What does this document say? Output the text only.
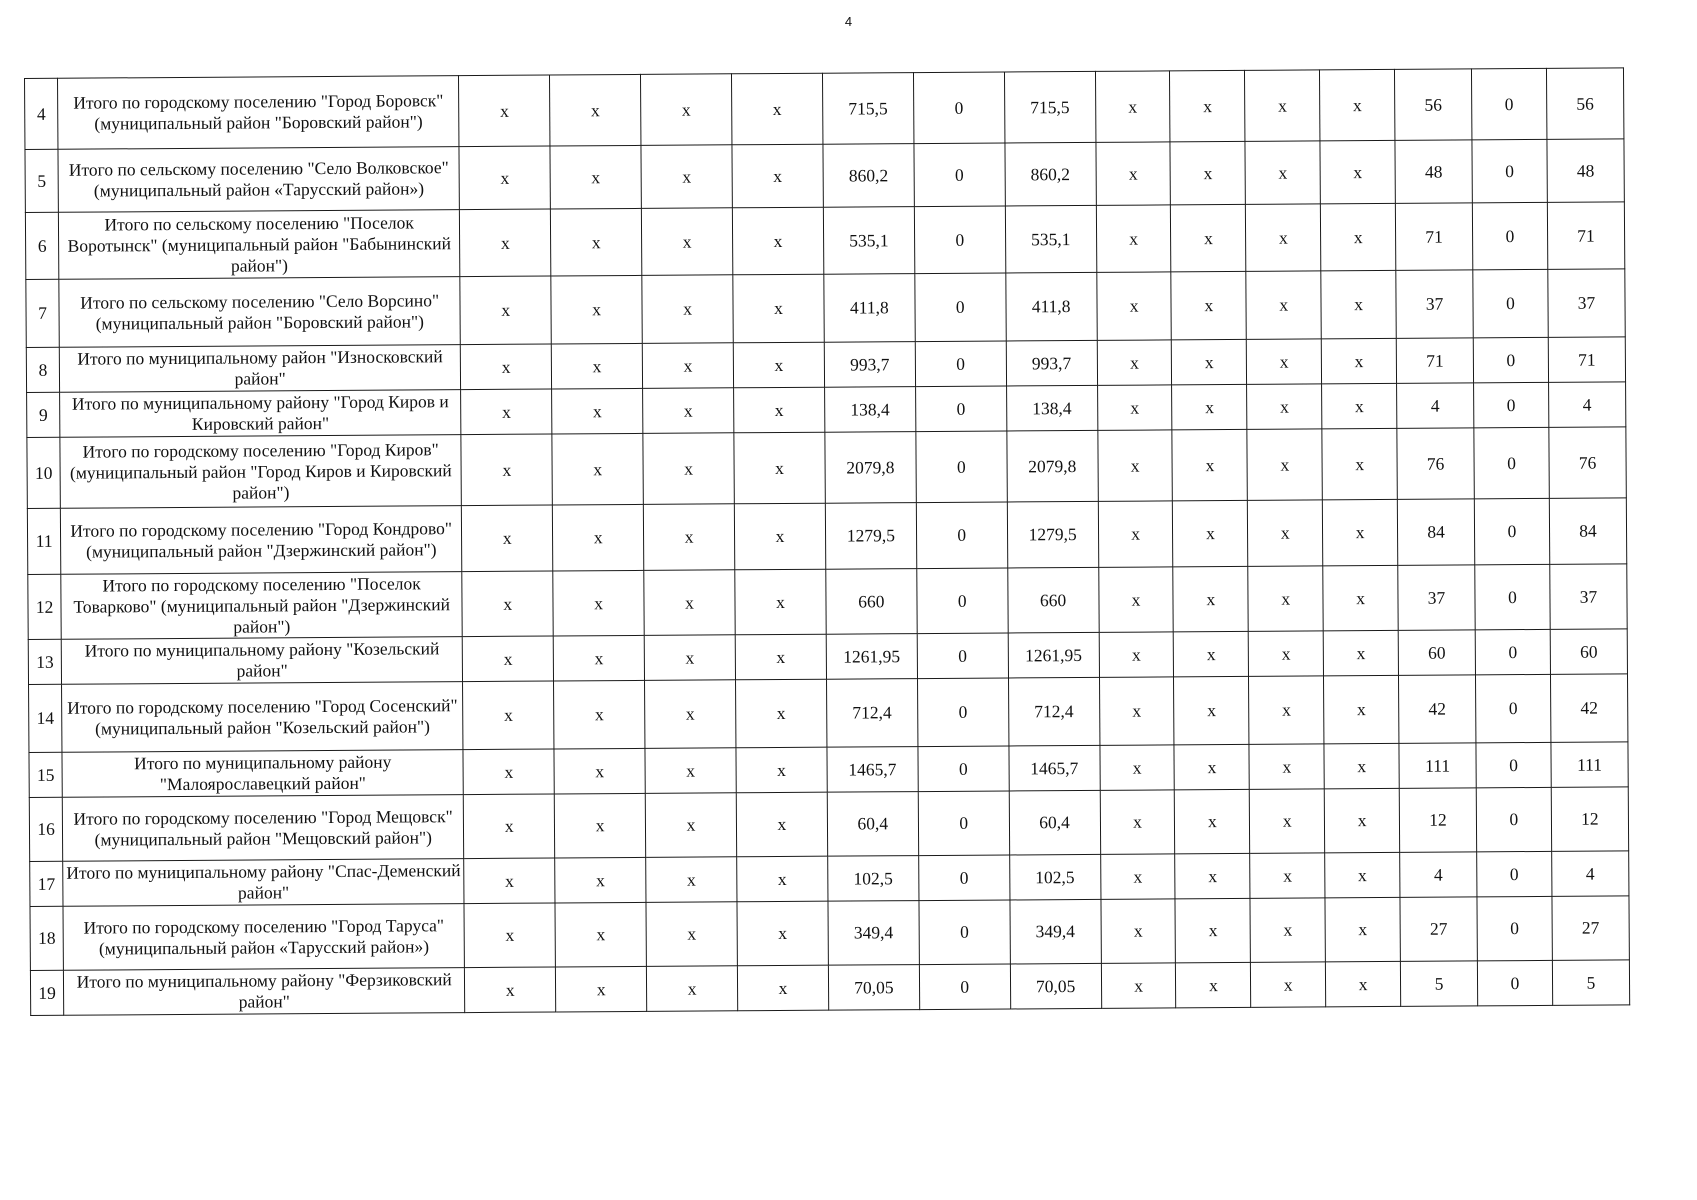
4
4	Итого по городскому поселению "Город Боровск" (муниципальный район "Боровский район")	x	x	x	x	715,5	0	715,5	x	x	x	x	56	0	56
5	Итого по сельскому поселению "Село Волковское" (муниципальный район «Тарусский район»)	x	x	x	x	860,2	0	860,2	x	x	x	x	48	0	48
6	Итого по сельскому поселению "Поселок Воротынск" (муниципальный район "Бабынинский район")	x	x	x	x	535,1	0	535,1	x	x	x	x	71	0	71
7	Итого по сельскому поселению "Село Ворсино" (муниципальный район "Боровский район")	x	x	x	x	411,8	0	411,8	x	x	x	x	37	0	37
8	Итого по муниципальному район "Износковский район"	x	x	x	x	993,7	0	993,7	x	x	x	x	71	0	71
9	Итого по муниципальному району "Город Киров и Кировский район"	x	x	x	x	138,4	0	138,4	x	x	x	x	4	0	4
10	Итого по городскому поселению "Город Киров" (муниципальный район "Город Киров и Кировский район")	x	x	x	x	2079,8	0	2079,8	x	x	x	x	76	0	76
11	Итого по городскому поселению "Город Кондрово" (муниципальный район "Дзержинский район")	x	x	x	x	1279,5	0	1279,5	x	x	x	x	84	0	84
12	Итого по городскому поселению "Поселок Товарково" (муниципальный район "Дзержинский район")	x	x	x	x	660	0	660	x	x	x	x	37	0	37
13	Итого по муниципальному району "Козельский район"	x	x	x	x	1261,95	0	1261,95	x	x	x	x	60	0	60
14	Итого по городскому поселению "Город Сосенский" (муниципальный район "Козельский район")	x	x	x	x	712,4	0	712,4	x	x	x	x	42	0	42
15	Итого по муниципальному району "Малоярославецкий район"	x	x	x	x	1465,7	0	1465,7	x	x	x	x	111	0	111
16	Итого по городскому поселению "Город Мещовск" (муниципальный район "Мещовский район")	x	x	x	x	60,4	0	60,4	x	x	x	x	12	0	12
17	Итого по муниципальному району "Спас-Деменский район"	x	x	x	x	102,5	0	102,5	x	x	x	x	4	0	4
18	Итого по городскому поселению "Город Таруса" (муниципальный район «Тарусский район»)	x	x	x	x	349,4	0	349,4	x	x	x	x	27	0	27
19	Итого по муниципальному району "Ферзиковский район"	x	x	x	x	70,05	0	70,05	x	x	x	x	5	0	5
